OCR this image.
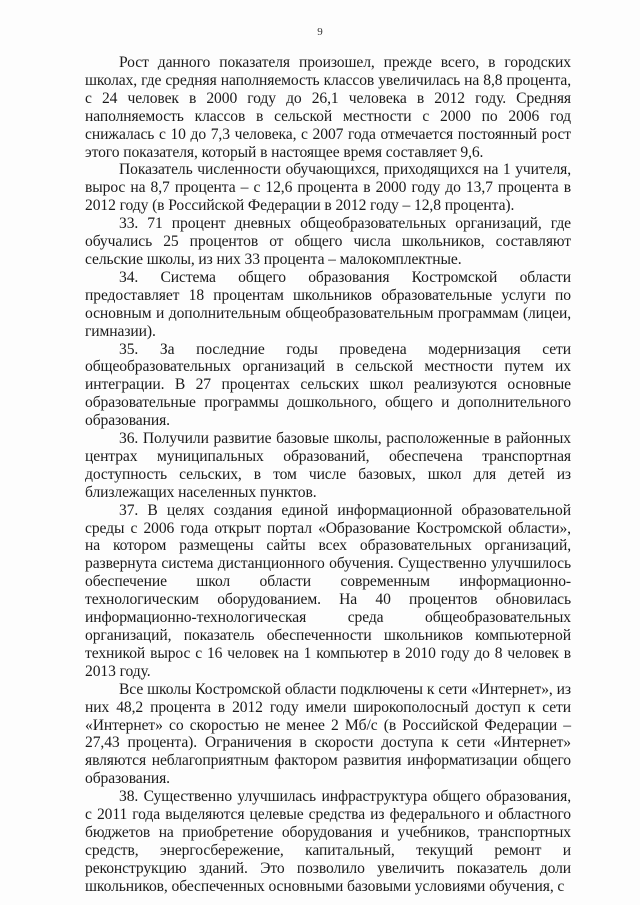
9

Рост данного показателя произошел, прежде всего, в городских школах, где средняя наполняемость классов увеличилась на 8,8 процента, с 24 человек в 2000 году до 26,1 человека в 2012 году. Средняя наполняемость классов в сельской местности с 2000 по 2006 год снижалась с 10 до 7,3 человека, с 2007 года отмечается постоянный рост этого показателя, который в настоящее время составляет 9,6.

Показатель численности обучающихся, приходящихся на 1 учителя, вырос на 8,7 процента – с 12,6 процента в 2000 году до 13,7 процента в 2012 году (в Российской Федерации в 2012 году – 12,8 процента).

33. 71 процент дневных общеобразовательных организаций, где обучались 25 процентов от общего числа школьников, составляют сельские школы, из них 33 процента – малокомплектные.

34. Система общего образования Костромской области предоставляет 18 процентам школьников образовательные услуги по основным и дополнительным общеобразовательным программам (лицеи, гимназии).

35. За последние годы проведена модернизация сети общеобразовательных организаций в сельской местности путем их интеграции. В 27 процентах сельских школ реализуются основные образовательные программы дошкольного, общего и дополнительного образования.

36. Получили развитие базовые школы, расположенные в районных центрах муниципальных образований, обеспечена транспортная доступность сельских, в том числе базовых, школ для детей из близлежащих населенных пунктов.

37. В целях создания единой информационной образовательной среды с 2006 года открыт портал «Образование Костромской области», на котором размещены сайты всех образовательных организаций, развернута система дистанционного обучения. Существенно улучшилось обеспечение школ области современным информационно-технологическим оборудованием. На 40 процентов обновилась информационно-технологическая среда общеобразовательных организаций, показатель обеспеченности школьников компьютерной техникой вырос с 16 человек на 1 компьютер в 2010 году до 8 человек в 2013 году.

Все школы Костромской области подключены к сети «Интернет», из них 48,2 процента в 2012 году имели широкополосный доступ к сети «Интернет» со скоростью не менее 2 Мб/с (в Российской Федерации – 27,43 процента). Ограничения в скорости доступа к сети «Интернет» являются неблагоприятным фактором развития информатизации общего образования.

38. Существенно улучшилась инфраструктура общего образования, с 2011 года выделяются целевые средства из федерального и областного бюджетов на приобретение оборудования и учебников, транспортных средств, энергосбережение, капитальный, текущий ремонт и реконструкцию зданий. Это позволило увеличить показатель доли школьников, обеспеченных основными базовыми условиями обучения, с
